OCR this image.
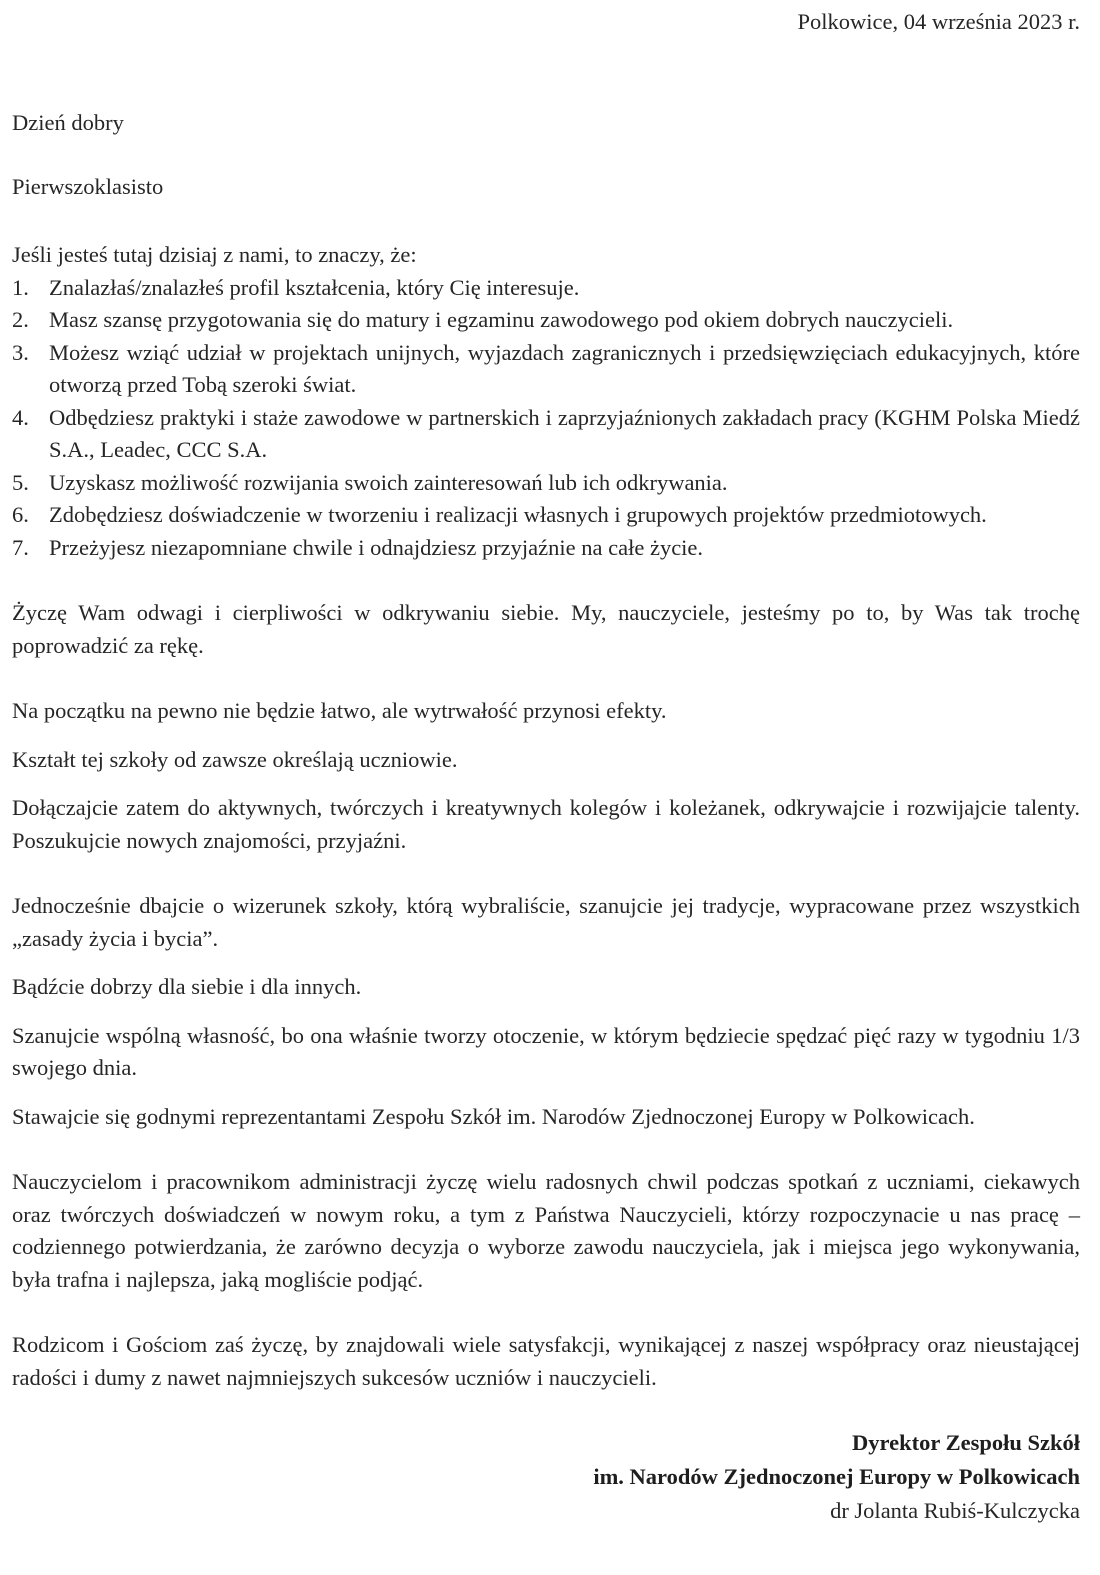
Polkowice, 04 września 2023 r.
Dzień dobry
Pierwszoklasisto

Jeśli jesteś tutaj dzisiaj z nami, to znaczy, że:

1. Znalazłaś/znalazłeś profil kształcenia, który Cię interesuje.
2. Masz szansę przygotowania się do matury i egzaminu zawodowego pod okiem dobrych nauczycieli.
3. Możesz wziąć udział w projektach unijnych, wyjazdach zagranicznych i przedsięwzięciach edukacyjnych, które otworzą przed Tobą szeroki świat.
4. Odbędziesz praktyki i staże zawodowe w partnerskich i zaprzyjaźnionych zakładach pracy (KGHM Polska Miedź S.A., Leadec, CCC S.A.
5. Uzyskasz możliwość rozwijania swoich zainteresowań lub ich odkrywania.
6. Zdobędziesz doświadczenie w tworzeniu i realizacji własnych i grupowych projektów przedmiotowych.
7. Przeżyjesz niezapomniane chwile i odnajdziesz przyjaźnie na całe życie.

Życzę Wam odwagi i cierpliwości w odkrywaniu siebie. My, nauczyciele, jesteśmy po to, by Was tak trochę poprowadzić za rękę.

Na początku na pewno nie będzie łatwo, ale wytrwałość przynosi efekty.

Kształt tej szkoły od zawsze określają uczniowie.

Dołączajcie zatem do aktywnych, twórczych i kreatywnych kolegów i koleżanek, odkrywajcie i rozwijajcie talenty. Poszukujcie nowych znajomości, przyjaźni.

Jednocześnie dbajcie o wizerunek szkoły, którą wybraliście, szanujcie jej tradycje, wypracowane przez wszystkich „zasady życia i bycia”.

Bądźcie dobrzy dla siebie i dla innych.

Szanujcie wspólną własność, bo ona właśnie tworzy otoczenie, w którym będziecie spędzać pięć razy w tygodniu 1/3 swojego dnia.

Stawajcie się godnymi reprezentantami Zespołu Szkół im. Narodów Zjednoczonej Europy w Polkowicach.

Nauczycielom i pracownikom administracji życzę wielu radosnych chwil podczas spotkań z uczniami, ciekawych oraz twórczych doświadczeń w nowym roku, a tym z Państwa Nauczycieli, którzy rozpoczynacie u nas pracę – codziennego potwierdzania, że zarówno decyzja o wyborze zawodu nauczyciela, jak i miejsca jego wykonywania, była trafna i najlepsza, jaką mogliście podjąć.

Rodzicom i Gościom zaś życzę, by znajdowali wiele satysfakcji, wynikającej z naszej współpracy oraz nieustającej radości i dumy z nawet najmniejszych sukcesów uczniów i nauczycieli.

Dyrektor Zespołu Szkół
im. Narodów Zjednoczonej Europy w Polkowicach
dr Jolanta Rubiś-Kulczycka
